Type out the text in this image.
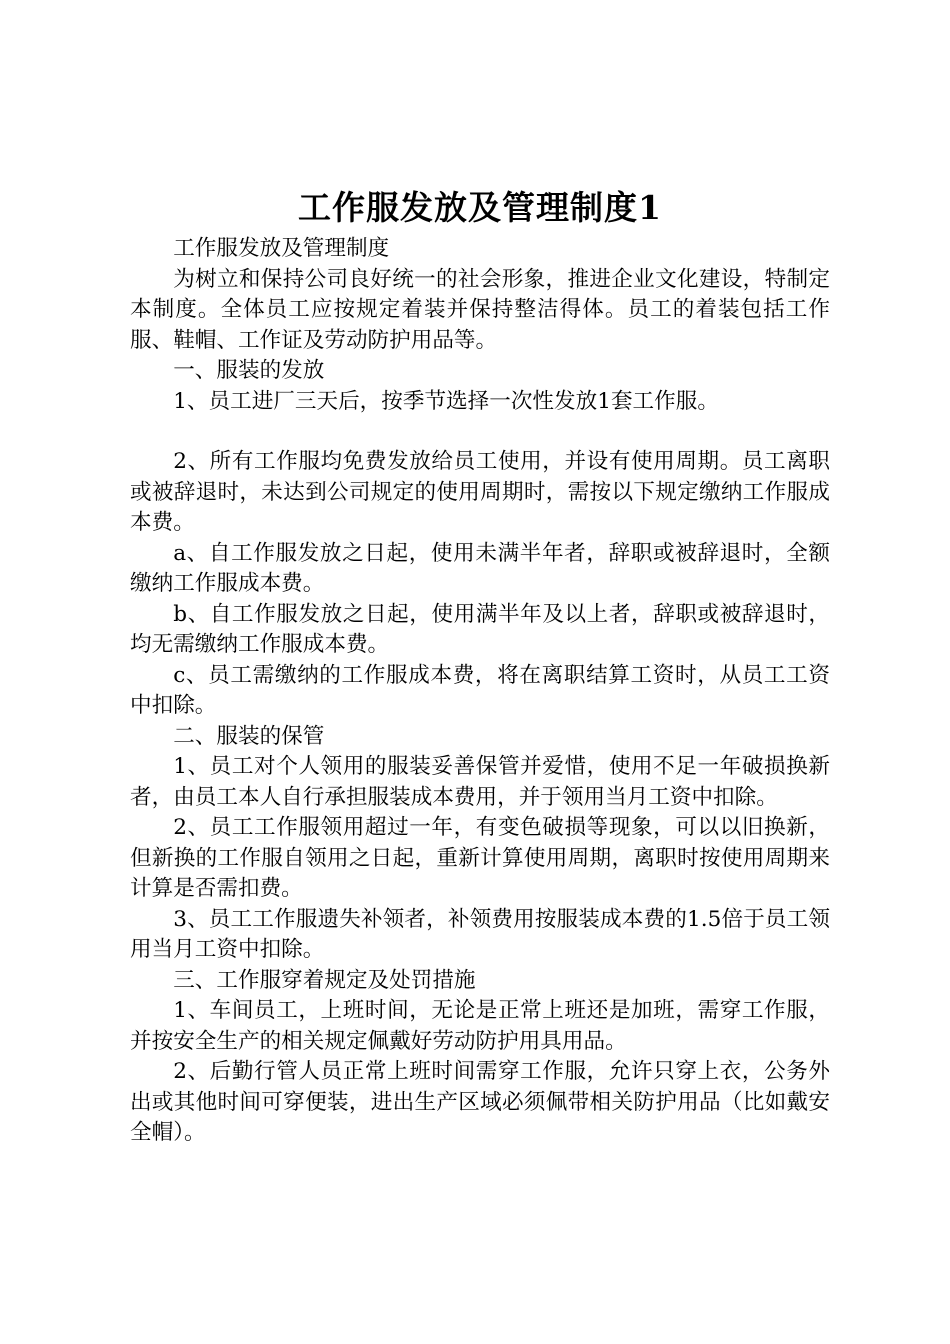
工作服发放及管理制度1

工作服发放及管理制度

为树立和保持公司良好统一的社会形象，推进企业文化建设，特制定本制度。全体员工应按规定着装并保持整洁得体。员工的着装包括工作服、鞋帽、工作证及劳动防护用品等。

一、服装的发放

1、员工进厂三天后，按季节选择一次性发放1套工作服。

2、所有工作服均免费发放给员工使用，并设有使用周期。员工离职或被辞退时，未达到公司规定的使用周期时，需按以下规定缴纳工作服成本费。

a、自工作服发放之日起，使用未满半年者，辞职或被辞退时，全额缴纳工作服成本费。

b、自工作服发放之日起，使用满半年及以上者，辞职或被辞退时，均无需缴纳工作服成本费。

c、员工需缴纳的工作服成本费，将在离职结算工资时，从员工工资中扣除。

二、服装的保管

1、员工对个人领用的服装妥善保管并爱惜，使用不足一年破损换新者，由员工本人自行承担服装成本费用，并于领用当月工资中扣除。

2、员工工作服领用超过一年，有变色破损等现象，可以以旧换新，但新换的工作服自领用之日起，重新计算使用周期，离职时按使用周期来计算是否需扣费。

3、员工工作服遗失补领者，补领费用按服装成本费的1.5倍于员工领用当月工资中扣除。

三、工作服穿着规定及处罚措施

1、车间员工，上班时间，无论是正常上班还是加班，需穿工作服，并按安全生产的相关规定佩戴好劳动防护用具用品。

2、后勤行管人员正常上班时间需穿工作服，允许只穿上衣，公务外出或其他时间可穿便装，进出生产区域必须佩带相关防护用品（比如戴安全帽）。
